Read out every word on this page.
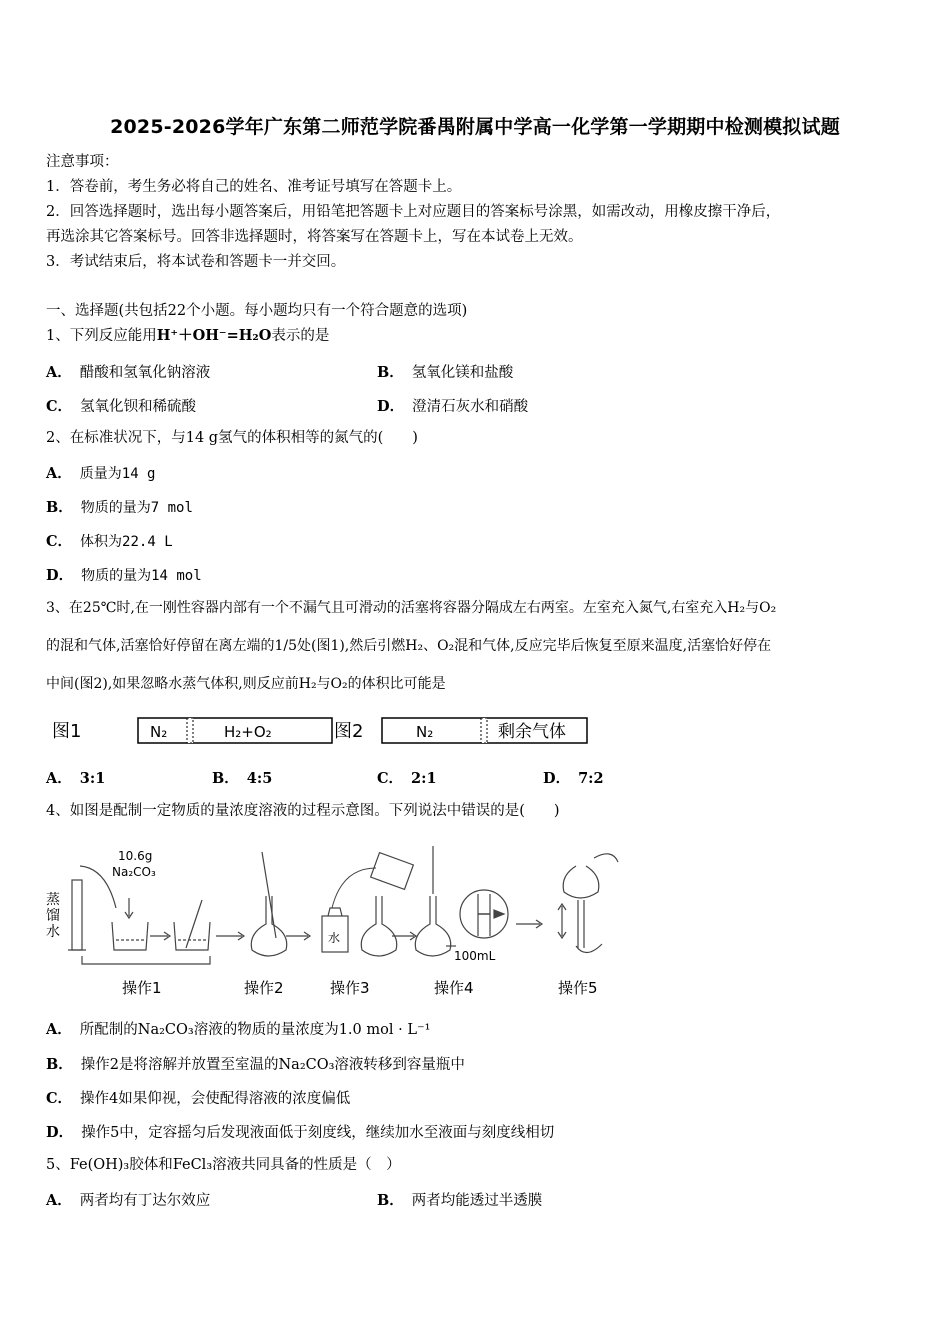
2025-2026学年广东第二师范学院番禺附属中学高一化学第一学期期中检测模拟试题
注意事项：
1．答卷前，考生务必将自己的姓名、准考证号填写在答题卡上。
2．回答选择题时，选出每小题答案后，用铅笔把答题卡上对应题目的答案标号涂黑，如需改动，用橡皮擦干净后，
再选涂其它答案标号。回答非选择题时，将答案写在答题卡上，写在本试卷上无效。
3．考试结束后，将本试卷和答题卡一并交回。
一、选择题(共包括22个小题。每小题均只有一个符合题意的选项)
1、下列反应能用H⁺＋OH⁻=H₂O表示的是
A． 醋酸和氢氧化钠溶液	B． 氢氧化镁和盐酸
C． 氢氧化钡和稀硫酸	D． 澄清石灰水和硝酸
2、在标准状况下，与14 g氢气的体积相等的氮气的(　　)
A． 质量为14 g
B． 物质的量为7 mol
C． 体积为22.4 L
D． 物质的量为14 mol
3、在25℃时,在一刚性容器内部有一个不漏气且可滑动的活塞将容器分隔成左右两室。左室充入氮气,右室充入H₂与O₂
的混和气体,活塞恰好停留在离左端的1/5处(图1),然后引燃H₂、O₂混和气体,反应完毕后恢复至原来温度,活塞恰好停在
中间(图2),如果忽略水蒸气体积,则反应前H₂与O₂的体积比可能是
图1	N₂	H₂+O₂	图2	N₂	剩余气体
A． 3:1	B． 4:5	C． 2:1	D． 7:2
4、如图是配制一定物质的量浓度溶液的过程示意图。下列说法中错误的是(　　)
10.6g
Na₂CO₃
蒸
馏
水	水
100mL
操作1	操作2	操作3	操作4	操作5
A． 所配制的Na₂CO₃溶液的物质的量浓度为1.0 mol · L⁻¹
B． 操作2是将溶解并放置至室温的Na₂CO₃溶液转移到容量瓶中
C． 操作4如果仰视，会使配得溶液的浓度偏低
D． 操作5中，定容摇匀后发现液面低于刻度线，继续加水至液面与刻度线相切
5、Fe(OH)₃胶体和FeCl₃溶液共同具备的性质是（　）
A． 两者均有丁达尔效应	B． 两者均能透过半透膜
